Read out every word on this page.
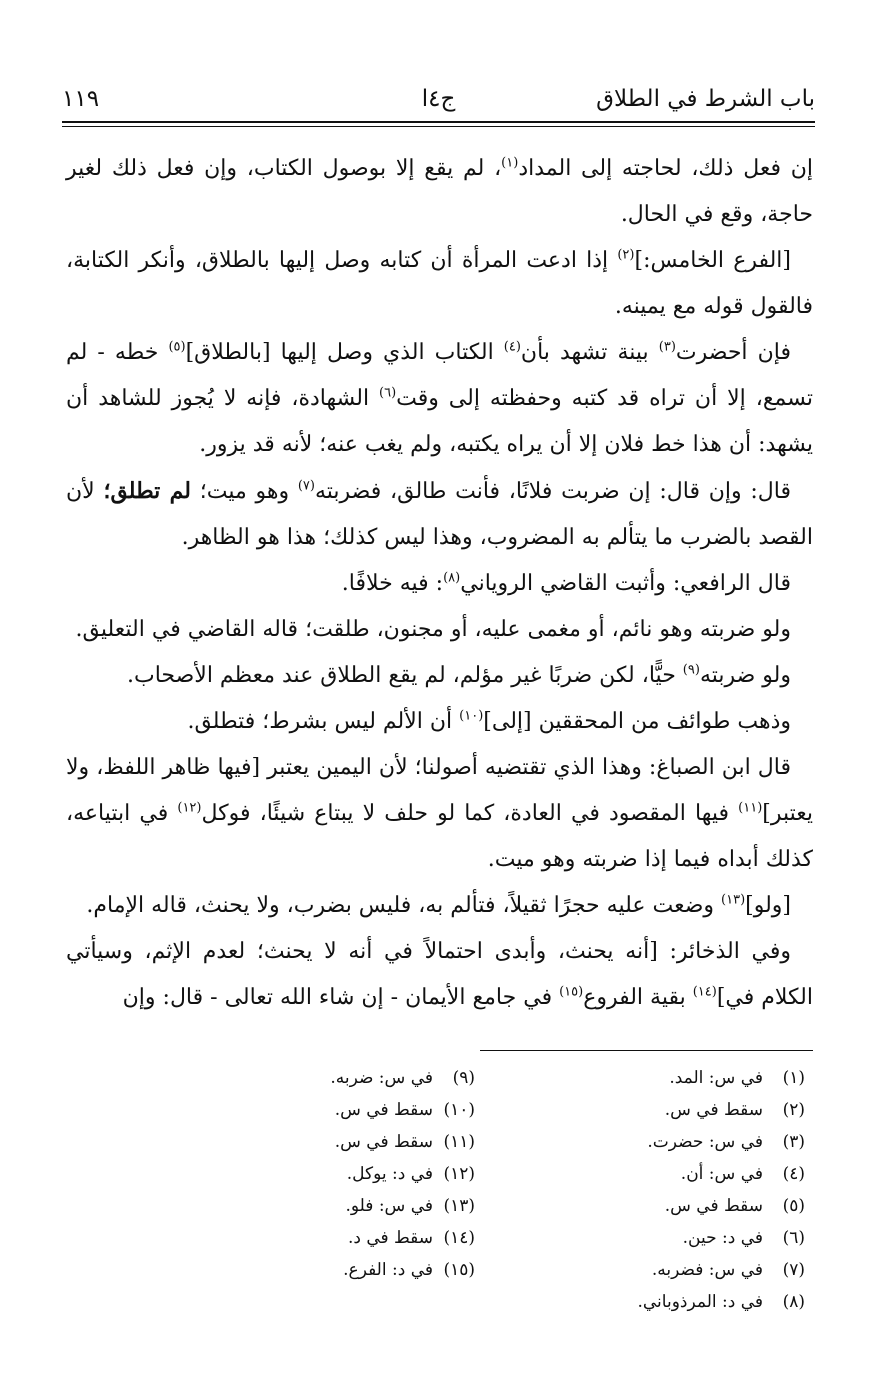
باب الشرط في الطلاق
ج٤ا
١١٩

إن فعل ذلك، لحاجته إلى المداد$^{(١)}$، لم يقع إلا بوصول الكتاب، وإن فعل ذلك لغير حاجة، وقع في الحال.

[الفرع الخامس:]$^{(٢)}$ إذا ادعت المرأة أن كتابه وصل إليها بالطلاق، وأنكر الكتابة، فالقول قوله مع يمينه.

فإن أحضرت$^{(٣)}$ بينة تشهد بأن$^{(٤)}$ الكتاب الذي وصل إليها [بالطلاق]$^{(٥)}$ خطه - لم تسمع، إلا أن تراه قد كتبه وحفظته إلى وقت$^{(٦)}$ الشهادة، فإنه لا يُجوز للشاهد أن يشهد: أن هذا خط فلان إلا أن يراه يكتبه، ولم يغب عنه؛ لأنه قد يزور.

قال: وإن قال: إن ضربت فلانًا، فأنت طالق، فضربته$^{(٧)}$ وهو ميت؛ لم تطلق؛ لأن القصد بالضرب ما يتألم به المضروب، وهذا ليس كذلك؛ هذا هو الظاهر.

قال الرافعي: وأثبت القاضي الروياني$^{(٨)}$: فيه خلافًا.

ولو ضربته وهو نائم، أو مغمى عليه، أو مجنون، طلقت؛ قاله القاضي في التعليق.

ولو ضربته$^{(٩)}$ حيًّا، لكن ضربًا غير مؤلم، لم يقع الطلاق عند معظم الأصحاب.

وذهب طوائف من المحققين [إلى]$^{(١٠)}$ أن الألم ليس بشرط؛ فتطلق.

قال ابن الصباغ: وهذا الذي تقتضيه أصولنا؛ لأن اليمين يعتبر [فيها ظاهر اللفظ، ولا يعتبر]$^{(١١)}$ فيها المقصود في العادة، كما لو حلف لا يبتاع شيئًا، فوكل$^{(١٢)}$ في ابتياعه، كذلك أبداه فيما إذا ضربته وهو ميت.

[ولو]$^{(١٣)}$ وضعت عليه حجرًا ثقيلاً، فتألم به، فليس بضرب، ولا يحنث، قاله الإمام.

وفي الذخائر: [أنه يحنث، وأبدى احتمالاً في أنه لا يحنث؛ لعدم الإثم، وسيأتي الكلام في]$^{(١٤)}$ بقية الفروع$^{(١٥)}$ في جامع الأيمان - إن شاء الله تعالى - قال: وإن

(١)في س: المد.
(٢)سقط في س.
(٣)في س: حضرت.
(٤)في س: أن.
(٥)سقط في س.
(٦)في د: حين.
(٧)في س: فضربه.
(٨)في د: المرذوباني.
(٩)في س: ضربه.
(١٠)سقط في س.
(١١)سقط في س.
(١٢)في د: يوكل.
(١٣)في س: فلو.
(١٤)سقط في د.
(١٥)في د: الفرع.
